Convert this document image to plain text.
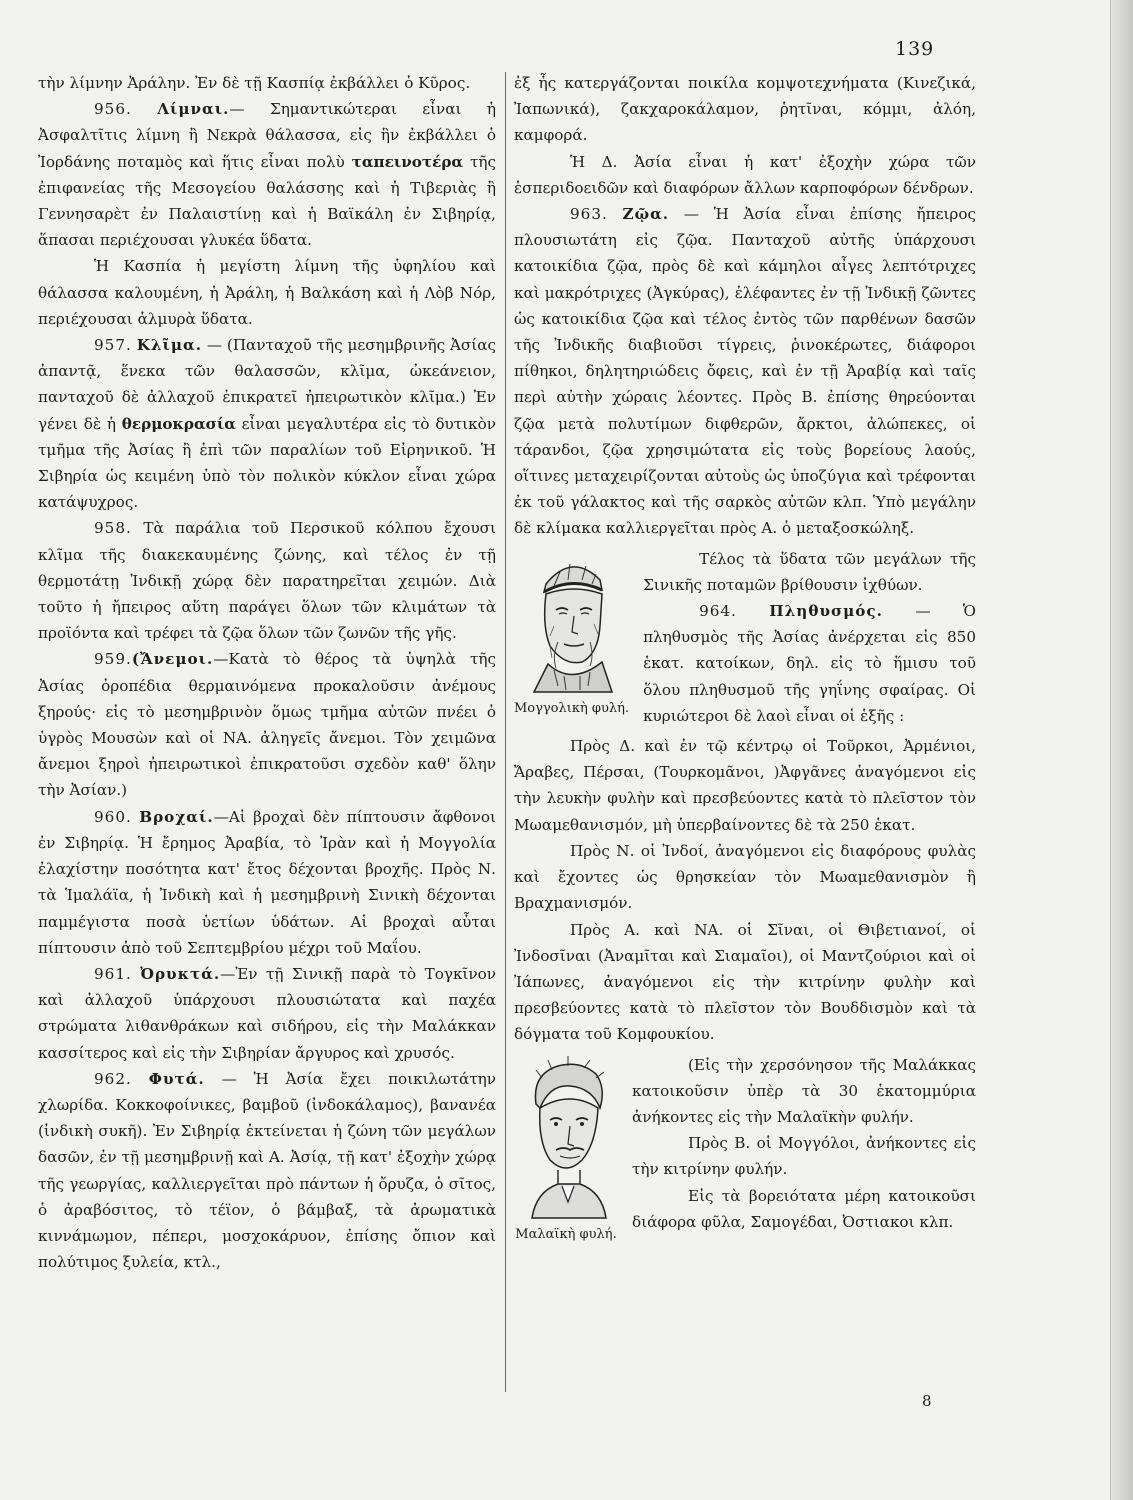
139

τὴν λίμνην Ἀράλην. Ἐν δὲ τῇ Κασπίᾳ ἐκβάλλει ὁ Κῦρος.

956. Λίμναι.— Σημαντικώτεραι εἶναι ἡ Ἀσφαλτῖτις λίμνη ἢ Νεκρὰ θάλασσα, εἰς ἣν ἐκβάλλει ὁ Ἰορδάνης ποταμὸς καὶ ἥτις εἶναι πολὺ ταπεινοτέρα τῆς ἐπιφανείας τῆς Μεσογείου θαλάσσης καὶ ἡ Τιβεριὰς ἢ Γεννησαρὲτ ἐν Παλαιστίνῃ καὶ ἡ Βαϊκάλη ἐν Σιβηρίᾳ, ἅπασαι περιέχουσαι γλυκέα ὕδατα.

Ἡ Κασπία ἡ μεγίστη λίμνη τῆς ὑφηλίου καὶ θάλασσα καλουμένη, ἡ Ἀράλη, ἡ Βαλκάση καὶ ἡ Λὸβ Νόρ, περιέχουσαι ἁλμυρὰ ὕδατα.

957. Κλῖμα. — (Πανταχοῦ τῆς μεσημβρινῆς Ἀσίας ἀπαντᾷ, ἕνεκα τῶν θαλασσῶν, κλῖμα, ὠκεάνειον, πανταχοῦ δὲ ἀλλαχοῦ ἐπικρατεῖ ἠπειρωτικὸν κλῖμα.) Ἐν γένει δὲ ἡ θερμοκρασία εἶναι μεγαλυτέρα εἰς τὸ δυτικὸν τμῆμα τῆς Ἀσίας ἢ ἐπὶ τῶν παραλίων τοῦ Εἰρηνικοῦ. Ἡ Σιβηρία ὡς κειμένη ὑπὸ τὸν πολικὸν κύκλον εἶναι χώρα κατάψυχρος.

958. Τὰ παράλια τοῦ Περσικοῦ κόλπου ἔχουσι κλῖμα τῆς διακεκαυμένης ζώνης, καὶ τέλος ἐν τῇ θερμοτάτῃ Ἰνδικῇ χώρᾳ δὲν παρατηρεῖται χειμών. Διὰ τοῦτο ἡ ἤπειρος αὕτη παράγει ὅλων τῶν κλιμάτων τὰ προϊόντα καὶ τρέφει τὰ ζῷα ὅλων τῶν ζωνῶν τῆς γῆς.

959.(Ἄνεμοι.—Κατὰ τὸ θέρος τὰ ὑψηλὰ τῆς Ἀσίας ὀροπέδια θερμαινόμενα προκαλοῦσιν ἀνέμους ξηρούς· εἰς τὸ μεσημβρινὸν ὅμως τμῆμα αὐτῶν πνέει ὁ ὑγρὸς Μουσὼν καὶ οἱ ΝΑ. ἀληγεῖς ἄνεμοι. Τὸν χειμῶνα ἄνεμοι ξηροὶ ἠπειρωτικοὶ ἐπικρατοῦσι σχεδὸν καθ' ὅλην τὴν Ἀσίαν.)

960. Βροχαί.—Αἱ βροχαὶ δὲν πίπτουσιν ἄφθονοι ἐν Σιβηρίᾳ. Ἡ ἔρημος Ἀραβία, τὸ Ἰρὰν καὶ ἡ Μογγολία ἐλαχίστην ποσότητα κατ' ἔτος δέχονται βροχῆς. Πρὸς Ν. τὰ Ἱμαλάϊα, ἡ Ἰνδικὴ καὶ ἡ μεσημβρινὴ Σινικὴ δέχονται παμμέγιστα ποσὰ ὑετίων ὑδάτων. Αἱ βροχαὶ αὗται πίπτουσιν ἀπὸ τοῦ Σεπτεμβρίου μέχρι τοῦ Μαΐου.

961. Ὀρυκτά.—Ἐν τῇ Σινικῇ παρὰ τὸ Τογκῖνον καὶ ἀλλαχοῦ ὑπάρχουσι πλουσιώτατα καὶ παχέα στρώματα λιθανθράκων καὶ σιδήρου, εἰς τὴν Μαλάκκαν κασσίτερος καὶ εἰς τὴν Σιβηρίαν ἄργυρος καὶ χρυσός.

962. Φυτά. — Ἡ Ἀσία ἔχει ποικιλωτάτην χλωρίδα. Κοκκοφοίνικες, βαμβοῦ (ἰνδοκάλαμος), βανανέα (ἰνδικὴ συκῆ). Ἐν Σιβηρίᾳ ἐκτείνεται ἡ ζώνη τῶν μεγάλων δασῶν, ἐν τῇ μεσημβρινῇ καὶ Α. Ἀσίᾳ, τῇ κατ' ἐξοχὴν χώρᾳ τῆς γεωργίας, καλλιεργεῖται πρὸ πάντων ἡ ὄρυζα, ὁ σῖτος, ὁ ἀραβόσιτος, τὸ τέϊον, ὁ βάμβαξ, τὰ ἀρωματικὰ κιννάμωμον, πέπερι, μοσχοκάρυον, ἐπίσης ὄπιον καὶ πολύτιμος ξυλεία, κτλ.,

ἐξ ἧς κατεργάζονται ποικίλα κομψοτεχνήματα (Κινεζικά, Ἰαπωνικά), ζακχαροκάλαμον, ῥητῖναι, κόμμι, ἀλόη, καμφορά.

Ἡ Δ. Ἀσία εἶναι ἡ κατ' ἐξοχὴν χώρα τῶν ἑσπεριδοειδῶν καὶ διαφόρων ἄλλων καρποφόρων δένδρων.

963. Ζῷα. — Ἡ Ἀσία εἶναι ἐπίσης ἤπειρος πλουσιωτάτη εἰς ζῷα. Πανταχοῦ αὐτῆς ὑπάρχουσι κατοικίδια ζῷα, πρὸς δὲ καὶ κάμηλοι αἶγες λεπτότριχες καὶ μακρότριχες (Ἀγκύρας), ἐλέφαντες ἐν τῇ Ἰνδικῇ ζῶντες ὡς κατοικίδια ζῷα καὶ τέλος ἐντὸς τῶν παρθένων δασῶν τῆς Ἰνδικῆς διαβιοῦσι τίγρεις, ῥινοκέρωτες, διάφοροι πίθηκοι, δηλητηριώδεις ὄφεις, καὶ ἐν τῇ Ἀραβίᾳ καὶ ταῖς περὶ αὐτὴν χώραις λέοντες. Πρὸς Β. ἐπίσης θηρεύονται ζῷα μετὰ πολυτίμων διφθερῶν, ἄρκτοι, ἀλώπεκες, οἱ τάρανδοι, ζῷα χρησιμώτατα εἰς τοὺς βορείους λαούς, οἵτινες μεταχειρίζονται αὐτοὺς ὡς ὑποζύγια καὶ τρέφονται ἐκ τοῦ γάλακτος καὶ τῆς σαρκὸς αὐτῶν κλπ. Ὑπὸ μεγάλην δὲ κλίμακα καλλιεργεῖται πρὸς Α. ὁ μεταξοσκώληξ.

Μογγολικὴ φυλή.

Τέλος τὰ ὕδατα τῶν μεγάλων τῆς Σινικῆς ποταμῶν βρίθουσιν ἰχθύων.

964. Πληθυσμός. — Ὁ πληθυσμὸς τῆς Ἀσίας ἀνέρχεται εἰς 850 ἑκατ. κατοίκων, δηλ. εἰς τὸ ἥμισυ τοῦ ὅλου πληθυσμοῦ τῆς γηΐνης σφαίρας. Οἱ κυριώτεροι δὲ λαοὶ εἶναι οἱ ἑξῆς :

Πρὸς Δ. καὶ ἐν τῷ κέντρῳ οἱ Τοῦρκοι, Ἀρμένιοι, Ἄραβες, Πέρσαι, (Τουρκομᾶνοι, )Ἀφγᾶνες ἀναγόμενοι εἰς τὴν λευκὴν φυλὴν καὶ πρεσβεύοντες κατὰ τὸ πλεῖστον τὸν Μωαμεθανισμόν, μὴ ὑπερβαίνοντες δὲ τὰ 250 ἑκατ.

Πρὸς Ν. οἱ Ἰνδοί, ἀναγόμενοι εἰς διαφόρους φυλὰς καὶ ἔχοντες ὡς θρησκείαν τὸν Μωαμεθανισμὸν ἢ Βραχμανισμόν.

Πρὸς Α. καὶ ΝΑ. οἱ Σῖναι, οἱ Θιβετιανοί, οἱ Ἰνδοσῖναι (Ἀναμῖται καὶ Σιαμαῖοι), οἱ Μαντζούριοι καὶ οἱ Ἰάπωνες, ἀναγόμενοι εἰς τὴν κιτρίνην φυλὴν καὶ πρεσβεύοντες κατὰ τὸ πλεῖστον τὸν Βουδδισμὸν καὶ τὰ δόγματα τοῦ Κομφουκίου.

Μαλαϊκὴ φυλή.

(Εἰς τὴν χερσόνησον τῆς Μαλάκκας κατοικοῦσιν ὑπὲρ τὰ 30 ἑκατομμύρια ἀνήκοντες εἰς τὴν Μαλαϊκὴν φυλήν.

Πρὸς Β. οἱ Μογγόλοι, ἀνήκοντες εἰς τὴν κιτρίνην φυλήν.

Εἰς τὰ βορειότατα μέρη κατοικοῦσι διάφορα φῦλα, Σαμογέδαι, Ὀστιακοι κλπ.

8
